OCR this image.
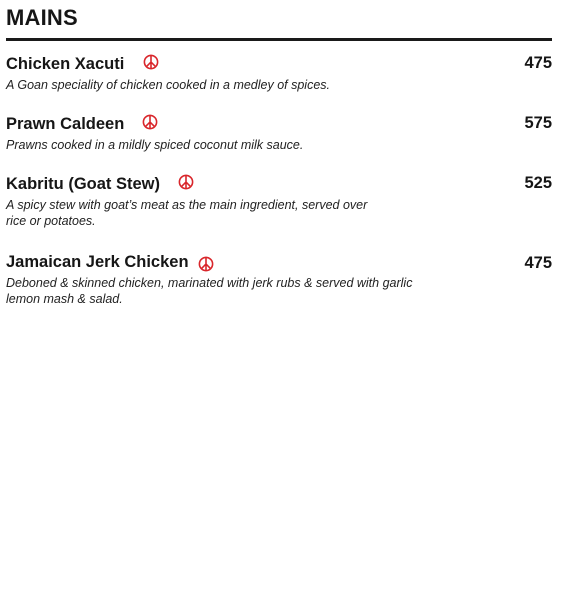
MAINS
Chicken Xacuti	475
A Goan speciality of chicken cooked in a medley of spices.
Prawn Caldeen	575
Prawns cooked in a mildly spiced coconut milk sauce.
Kabritu (Goat Stew)	525
A spicy stew with goat’s meat as the main ingredient, served over
rice or potatoes.
Jamaican Jerk Chicken	475
Deboned & skinned chicken, marinated with jerk rubs & served with garlic
lemon mash & salad.
